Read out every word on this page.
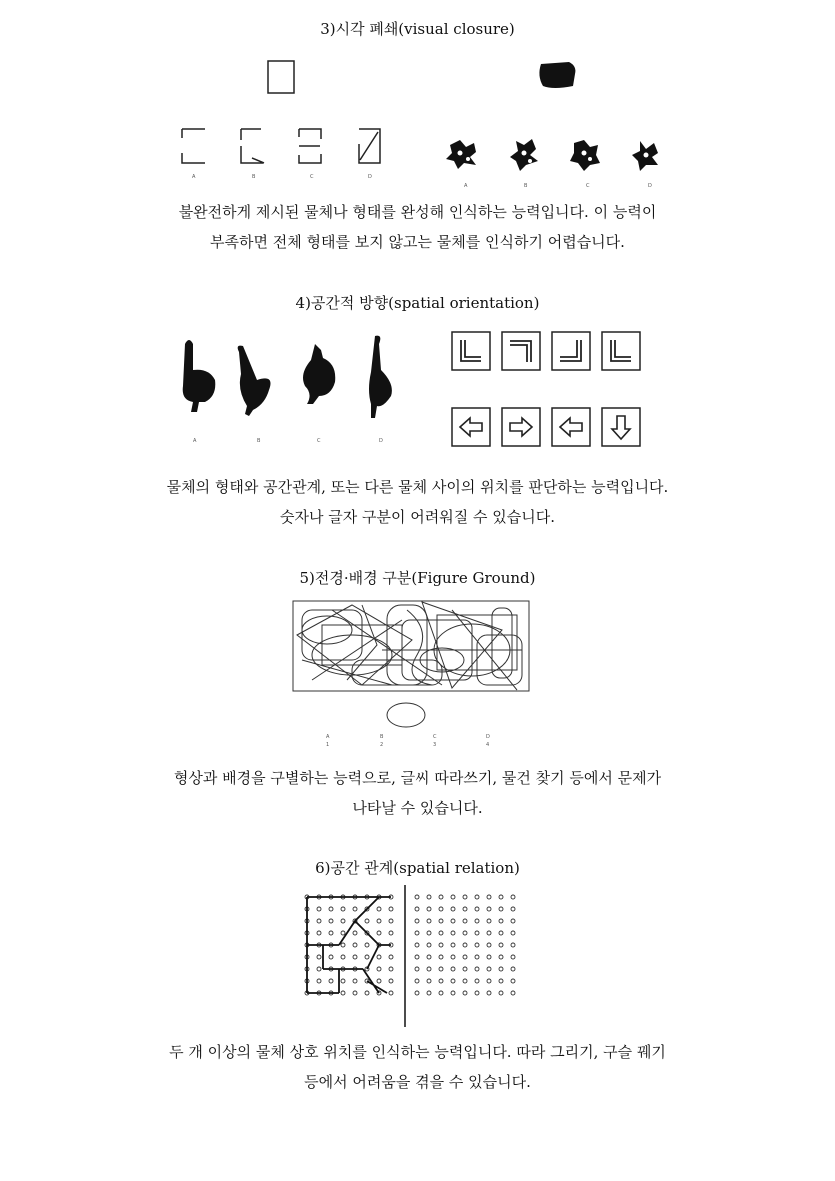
3)시각 폐쇄(visual closure)
A	B	C	D
A	B	C	D
불완전하게 제시된 물체나 형태를 완성해 인식하는 능력입니다. 이 능력이
부족하면 전체 형태를 보지 않고는 물체를 인식하기 어렵습니다.
4)공간적 방향(spatial orientation)
A	B	C	D
물체의 형태와 공간관계, 또는 다른 물체 사이의 위치를 판단하는 능력입니다.
숫자나 글자 구분이 어려워질 수 있습니다.
5)전경·배경 구분(Figure Ground)
A
1
B
2
C
3
D
4
형상과 배경을 구별하는 능력으로, 글씨 따라쓰기, 물건 찾기 등에서 문제가
나타날 수 있습니다.
6)공간 관계(spatial relation)
두 개 이상의 물체 상호 위치를 인식하는 능력입니다. 따라 그리기, 구슬 꿰기
등에서 어려움을 겪을 수 있습니다.
